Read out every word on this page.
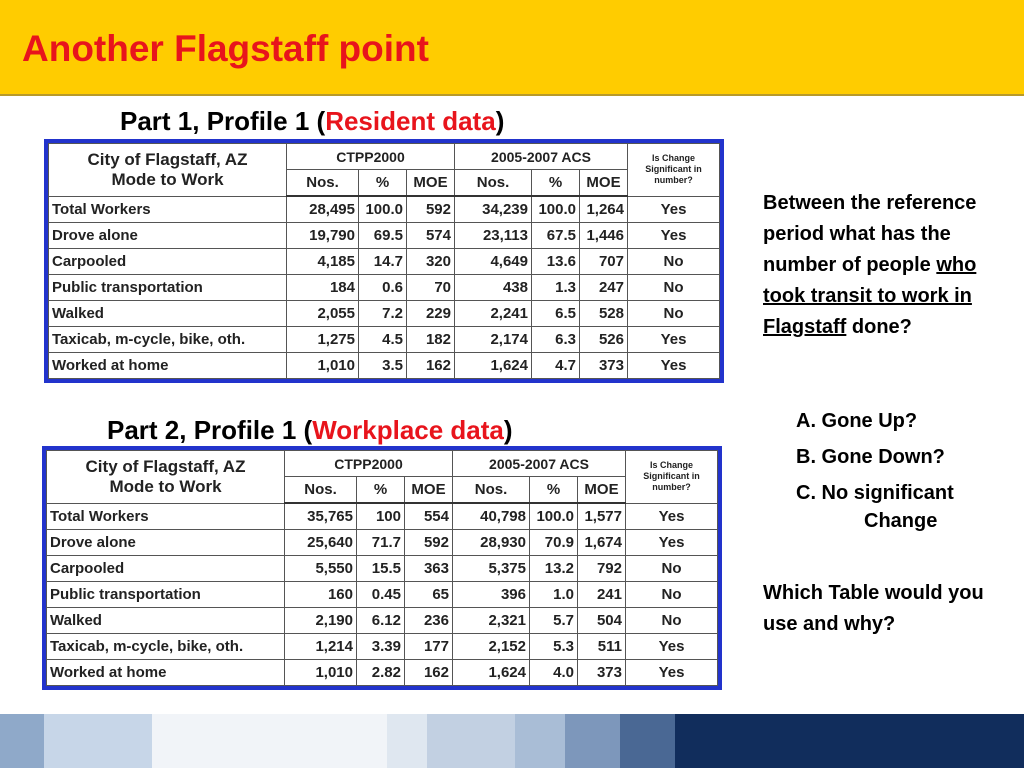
Another Flagstaff point
Part 1, Profile 1 (Resident data)
City of Flagstaff, AZ
Mode to Work	CTPP2000			2005-2007 ACS			Is Change Significant in number?
	Nos.	%	MOE	Nos.	%	MOE	
Total Workers	28,495	100.0	592	34,239	100.0	1,264	Yes
Drove alone	19,790	69.5	574	23,113	67.5	1,446	Yes
Carpooled	4,185	14.7	320	4,649	13.6	707	No
Public transportation	184	0.6	70	438	1.3	247	No
Walked	2,055	7.2	229	2,241	6.5	528	No
Taxicab, m-cycle, bike, oth.	1,275	4.5	182	2,174	6.3	526	Yes
Worked at home	1,010	3.5	162	1,624	4.7	373	Yes
Part 2, Profile 1 (Workplace data)
City of Flagstaff, AZ
Mode to Work	CTPP2000			2005-2007 ACS			Is Change Significant in number?
	Nos.	%	MOE	Nos.	%	MOE	
Total Workers	35,765	100	554	40,798	100.0	1,577	Yes
Drove alone	25,640	71.7	592	28,930	70.9	1,674	Yes
Carpooled	5,550	15.5	363	5,375	13.2	792	No
Public transportation	160	0.45	65	396	1.0	241	No
Walked	2,190	6.12	236	2,321	5.7	504	No
Taxicab, m-cycle, bike, oth.	1,214	3.39	177	2,152	5.3	511	Yes
Worked at home	1,010	2.82	162	1,624	4.0	373	Yes
Between the reference period what has the number of people who took transit to work in Flagstaff done?
A. Gone Up?
B. Gone Down?
C. No significant
Change
Which Table would you use and why?
